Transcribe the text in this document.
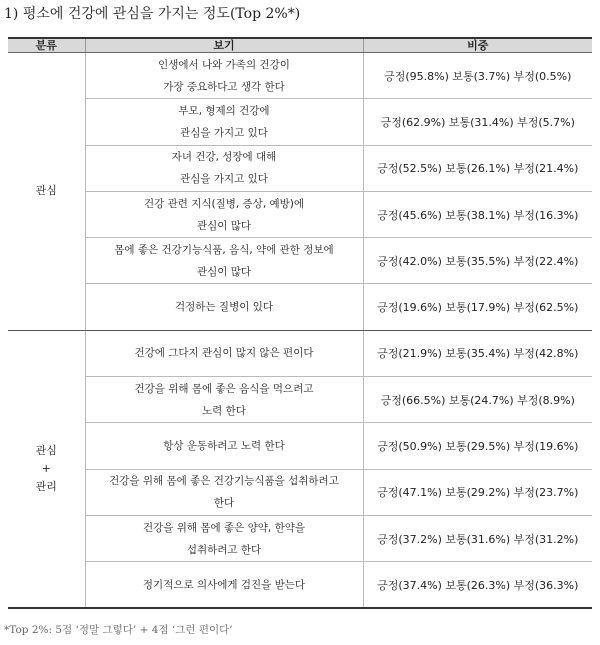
1) 평소에 건강에 관심을 가지는 정도(Top 2%*)
분류	보기	비중
관심	인생에서 나와 가족의 건강이
가장 중요하다고 생각 한다	긍정(95.8%) 보통(3.7%) 부정(0.5%)
	부모, 형제의 건강에
관심을 가지고 있다	긍정(62.9%) 보통(31.4%) 부정(5.7%)
	자녀 건강, 성장에 대해
관심을 가지고 있다	긍정(52.5%) 보통(26.1%) 부정(21.4%)
	건강 관련 지식(질병, 증상, 예방)에
관심이 많다	긍정(45.6%) 보통(38.1%) 부정(16.3%)
	몸에 좋은 건강기능식품, 음식, 약에 관한 정보에
관심이 많다	긍정(42.0%) 보통(35.5%) 부정(22.4%)
	걱정하는 질병이 있다	긍정(19.6%) 보통(17.9%) 부정(62.5%)
관심
+
관리	건강에 그다지 관심이 많지 않은 편이다	긍정(21.9%) 보통(35.4%) 부정(42.8%)
	건강을 위해 몸에 좋은 음식을 먹으려고
노력 한다	긍정(66.5%) 보통(24.7%) 부정(8.9%)
	항상 운동하려고 노력 한다	긍정(50.9%) 보통(29.5%) 부정(19.6%)
	건강을 위해 몸에 좋은 건강기능식품을 섭취하려고
한다	긍정(47.1%) 보통(29.2%) 부정(23.7%)
	건강을 위해 몸에 좋은 양약, 한약을
섭취하려고 한다	긍정(37.2%) 보통(31.6%) 부정(31.2%)
	정기적으로 의사에게 검진을 받는다	긍정(37.4%) 보통(26.3%) 부정(36.3%)
*Top 2%: 5점 ‘정말 그렇다’ + 4점 ‘그런 편이다’
